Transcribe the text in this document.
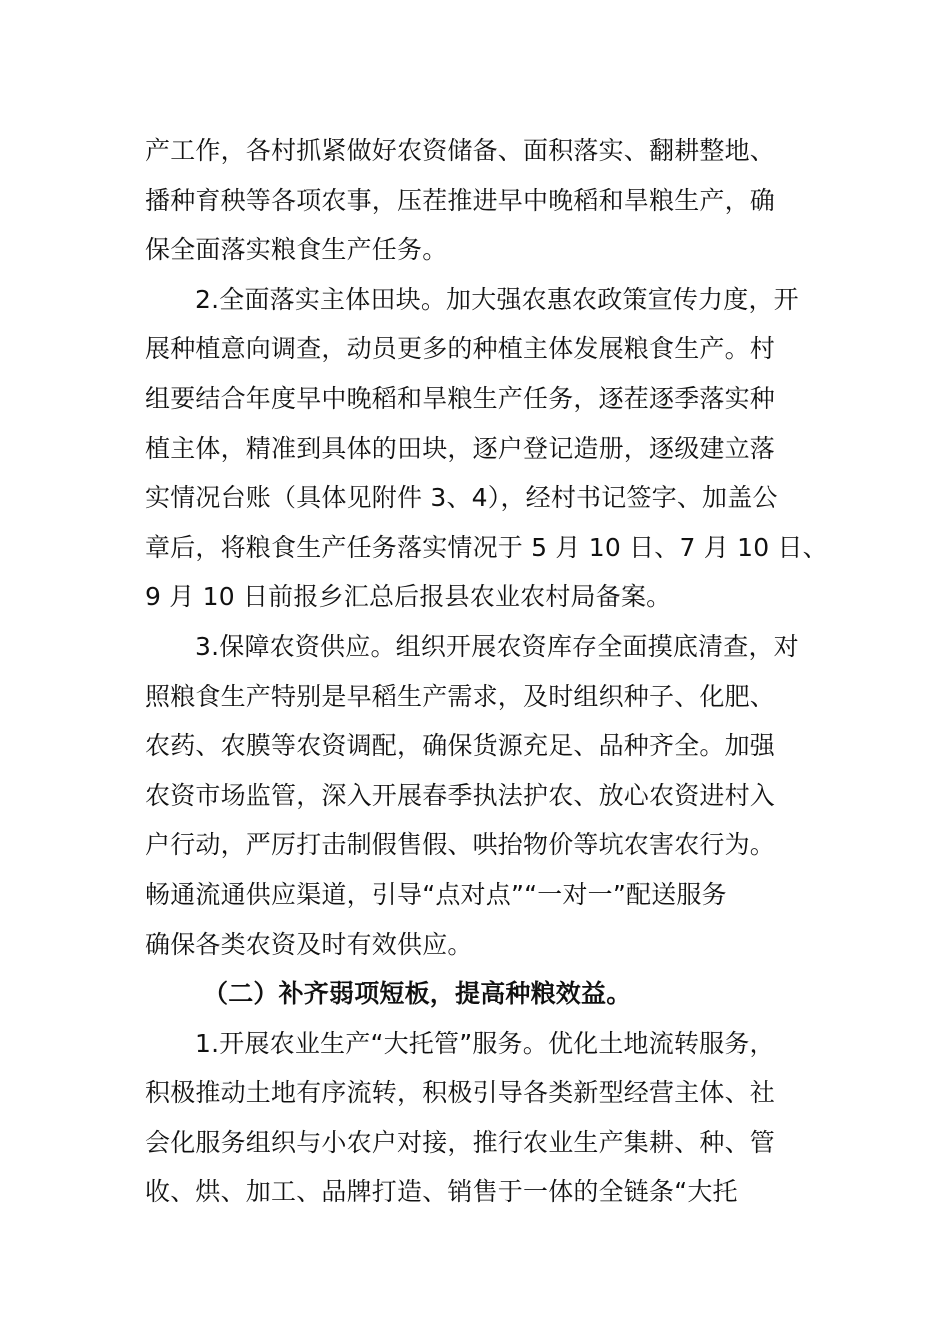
产工作，各村抓紧做好农资储备、面积落实、翻耕整地、
播种育秧等各项农事，压茬推进早中晚稻和旱粮生产，确
保全面落实粮食生产任务。
2.全面落实主体田块。加大强农惠农政策宣传力度，开
展种植意向调查，动员更多的种植主体发展粮食生产。村
组要结合年度早中晚稻和旱粮生产任务，逐茬逐季落实种
植主体，精准到具体的田块，逐户登记造册，逐级建立落
实情况台账（具体见附件 3、4），经村书记签字、加盖公
章后，将粮食生产任务落实情况于 5 月 10 日、7 月 10 日、
9 月 10 日前报乡汇总后报县农业农村局备案。
3.保障农资供应。组织开展农资库存全面摸底清查，对
照粮食生产特别是早稻生产需求，及时组织种子、化肥、
农药、农膜等农资调配，确保货源充足、品种齐全。加强
农资市场监管，深入开展春季执法护农、放心农资进村入
户行动，严厉打击制假售假、哄抬物价等坑农害农行为。
畅通流通供应渠道，引导“点对点”“一对一”配送服务
确保各类农资及时有效供应。
（二）补齐弱项短板，提高种粮效益。
1.开展农业生产“大托管”服务。优化土地流转服务，
积极推动土地有序流转，积极引导各类新型经营主体、社
会化服务组织与小农户对接，推行农业生产集耕、种、管
收、烘、加工、品牌打造、销售于一体的全链条“大托
